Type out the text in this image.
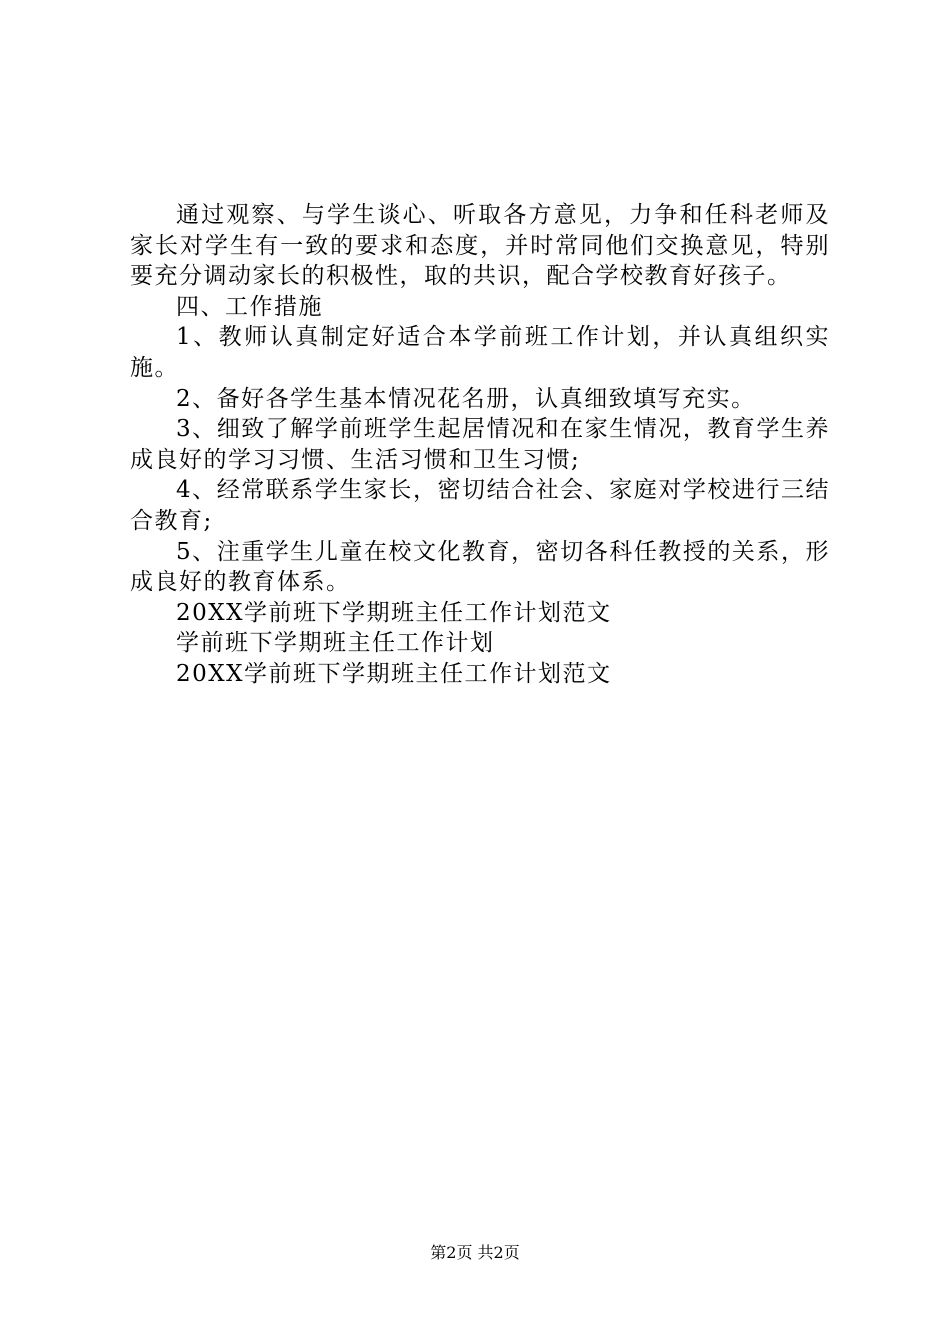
通过观察、与学生谈心、听取各方意见，力争和任科老师及家长对学生有一致的要求和态度，并时常同他们交换意见，特别要充分调动家长的积极性，取的共识，配合学校教育好孩子。

四、工作措施

1、教师认真制定好适合本学前班工作计划，并认真组织实施。

2、备好各学生基本情况花名册，认真细致填写充实。

3、细致了解学前班学生起居情况和在家生情况，教育学生养成良好的学习习惯、生活习惯和卫生习惯;

4、经常联系学生家长，密切结合社会、家庭对学校进行三结合教育;

5、注重学生儿童在校文化教育，密切各科任教授的关系，形成良好的教育体系。

20XX学前班下学期班主任工作计划范文

学前班下学期班主任工作计划

20XX学前班下学期班主任工作计划范文

第2页 共2页
